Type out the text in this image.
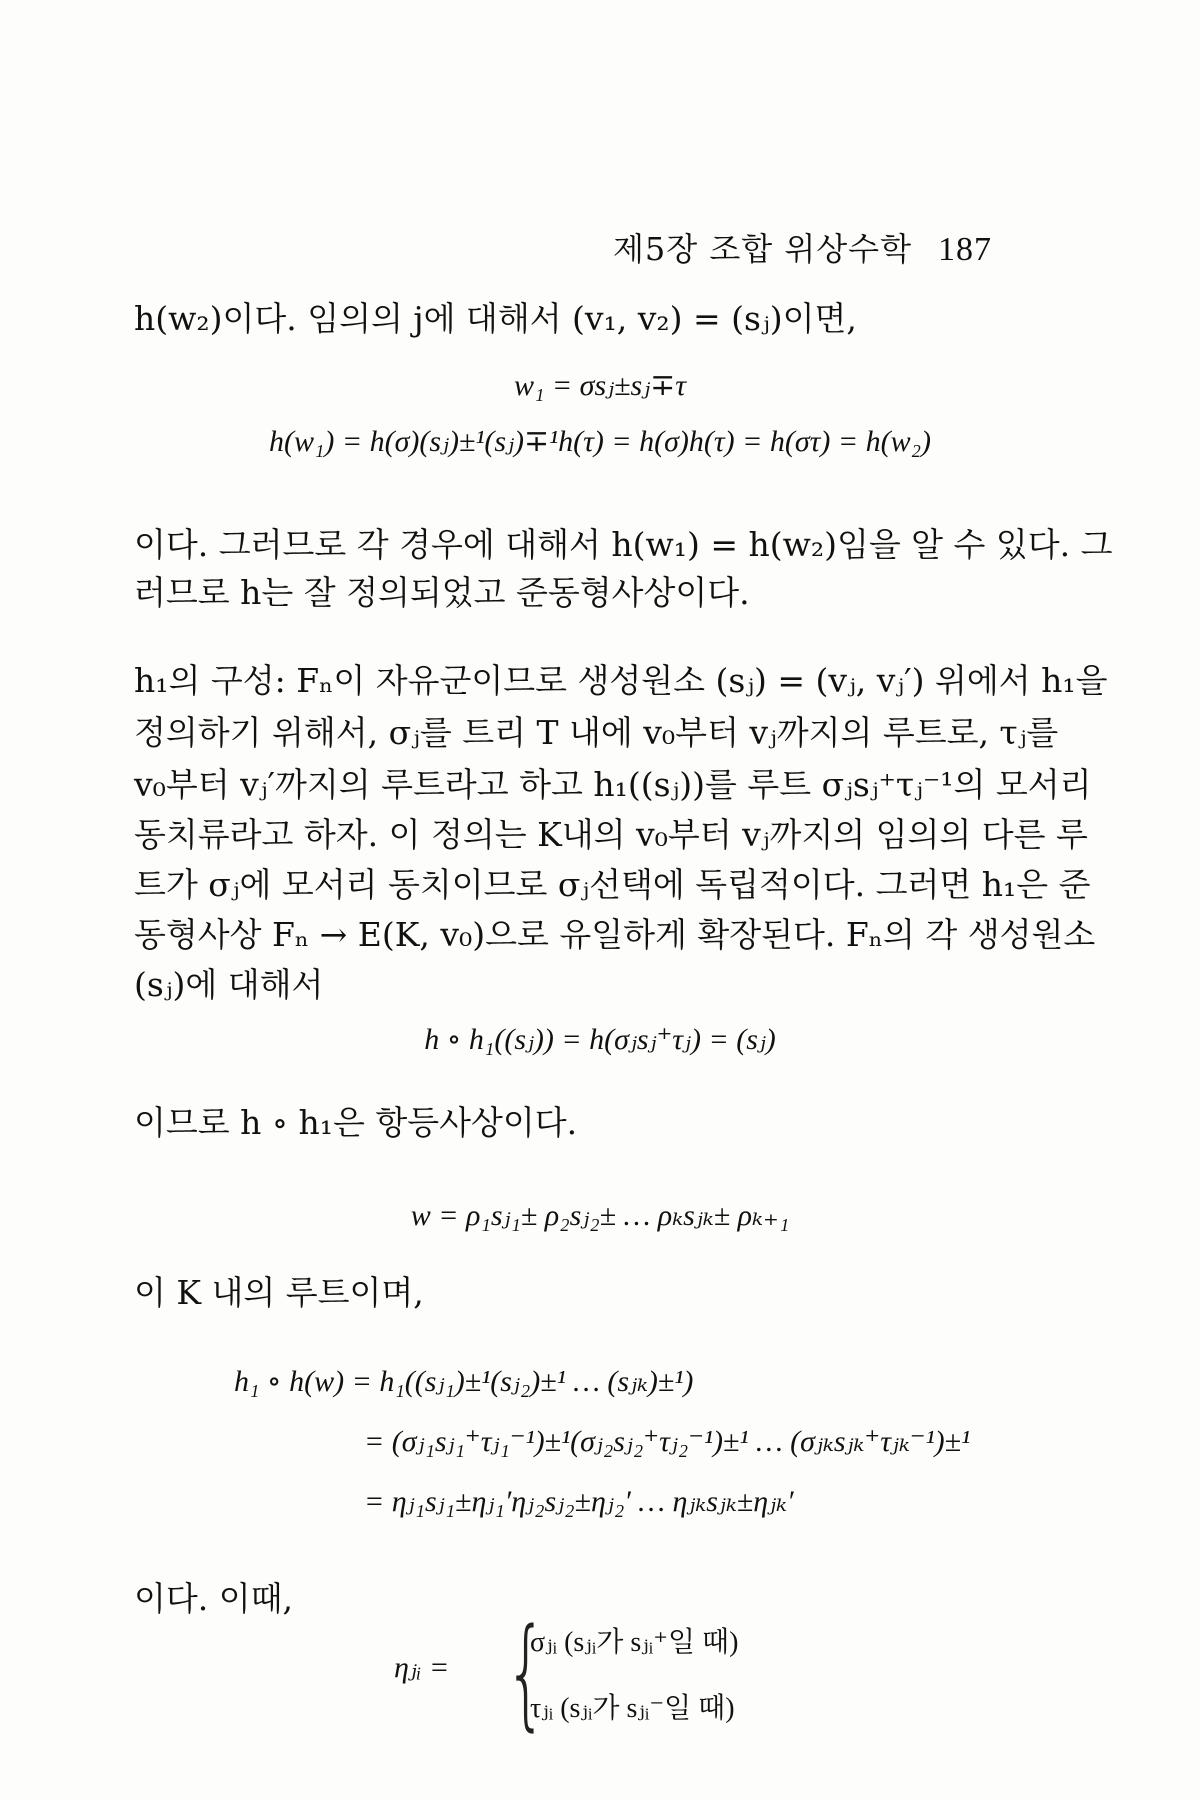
제5장 조합 위상수학 187
h(w₂)이다. 임의의 j에 대해서 (v₁, v₂) = (sⱼ)이면,
w₁ = σsⱼ±sⱼ∓τ
h(w₁) = h(σ)(sⱼ)±¹(sⱼ)∓¹h(τ) = h(σ)h(τ) = h(στ) = h(w₂)
이다. 그러므로 각 경우에 대해서 h(w₁) = h(w₂)임을 알 수 있다. 그
러므로 h는 잘 정의되었고 준동형사상이다.
h₁의 구성: Fₙ이 자유군이므로 생성원소 (sⱼ) = (vⱼ, vⱼ′) 위에서 h₁을
정의하기 위해서, σⱼ를 트리 T 내에 v₀부터 vⱼ까지의 루트로, τⱼ를
v₀부터 vⱼ′까지의 루트라고 하고 h₁((sⱼ))를 루트 σⱼsⱼ⁺τⱼ⁻¹의 모서리
동치류라고 하자. 이 정의는 K내의 v₀부터 vⱼ까지의 임의의 다른 루
트가 σⱼ에 모서리 동치이므로 σⱼ선택에 독립적이다. 그러면 h₁은 준
동형사상 Fₙ → E(K, v₀)으로 유일하게 확장된다. Fₙ의 각 생성원소
(sⱼ)에 대해서
h ∘ h₁((sⱼ)) = h(σⱼsⱼ⁺τⱼ) = (sⱼ)
이므로 h ∘ h₁은 항등사상이다.
w = ρ₁sⱼ₁± ρ₂sⱼ₂± … ρₖsⱼₖ± ρₖ₊₁
이 K 내의 루트이며,
h₁ ∘ h(w) = h₁((sⱼ₁)±¹(sⱼ₂)±¹ … (sⱼₖ)±¹)
= (σⱼ₁sⱼ₁⁺τⱼ₁⁻¹)±¹(σⱼ₂sⱼ₂⁺τⱼ₂⁻¹)±¹ … (σⱼₖsⱼₖ⁺τⱼₖ⁻¹)±¹
= ηⱼ₁sⱼ₁±ηⱼ₁′ηⱼ₂sⱼ₂±ηⱼ₂′ … ηⱼₖsⱼₖ±ηⱼₖ′
이다. 이때,
ηⱼᵢ = {
σⱼᵢ (sⱼᵢ가 sⱼᵢ⁺일 때)
τⱼᵢ (sⱼᵢ가 sⱼᵢ⁻일 때)
